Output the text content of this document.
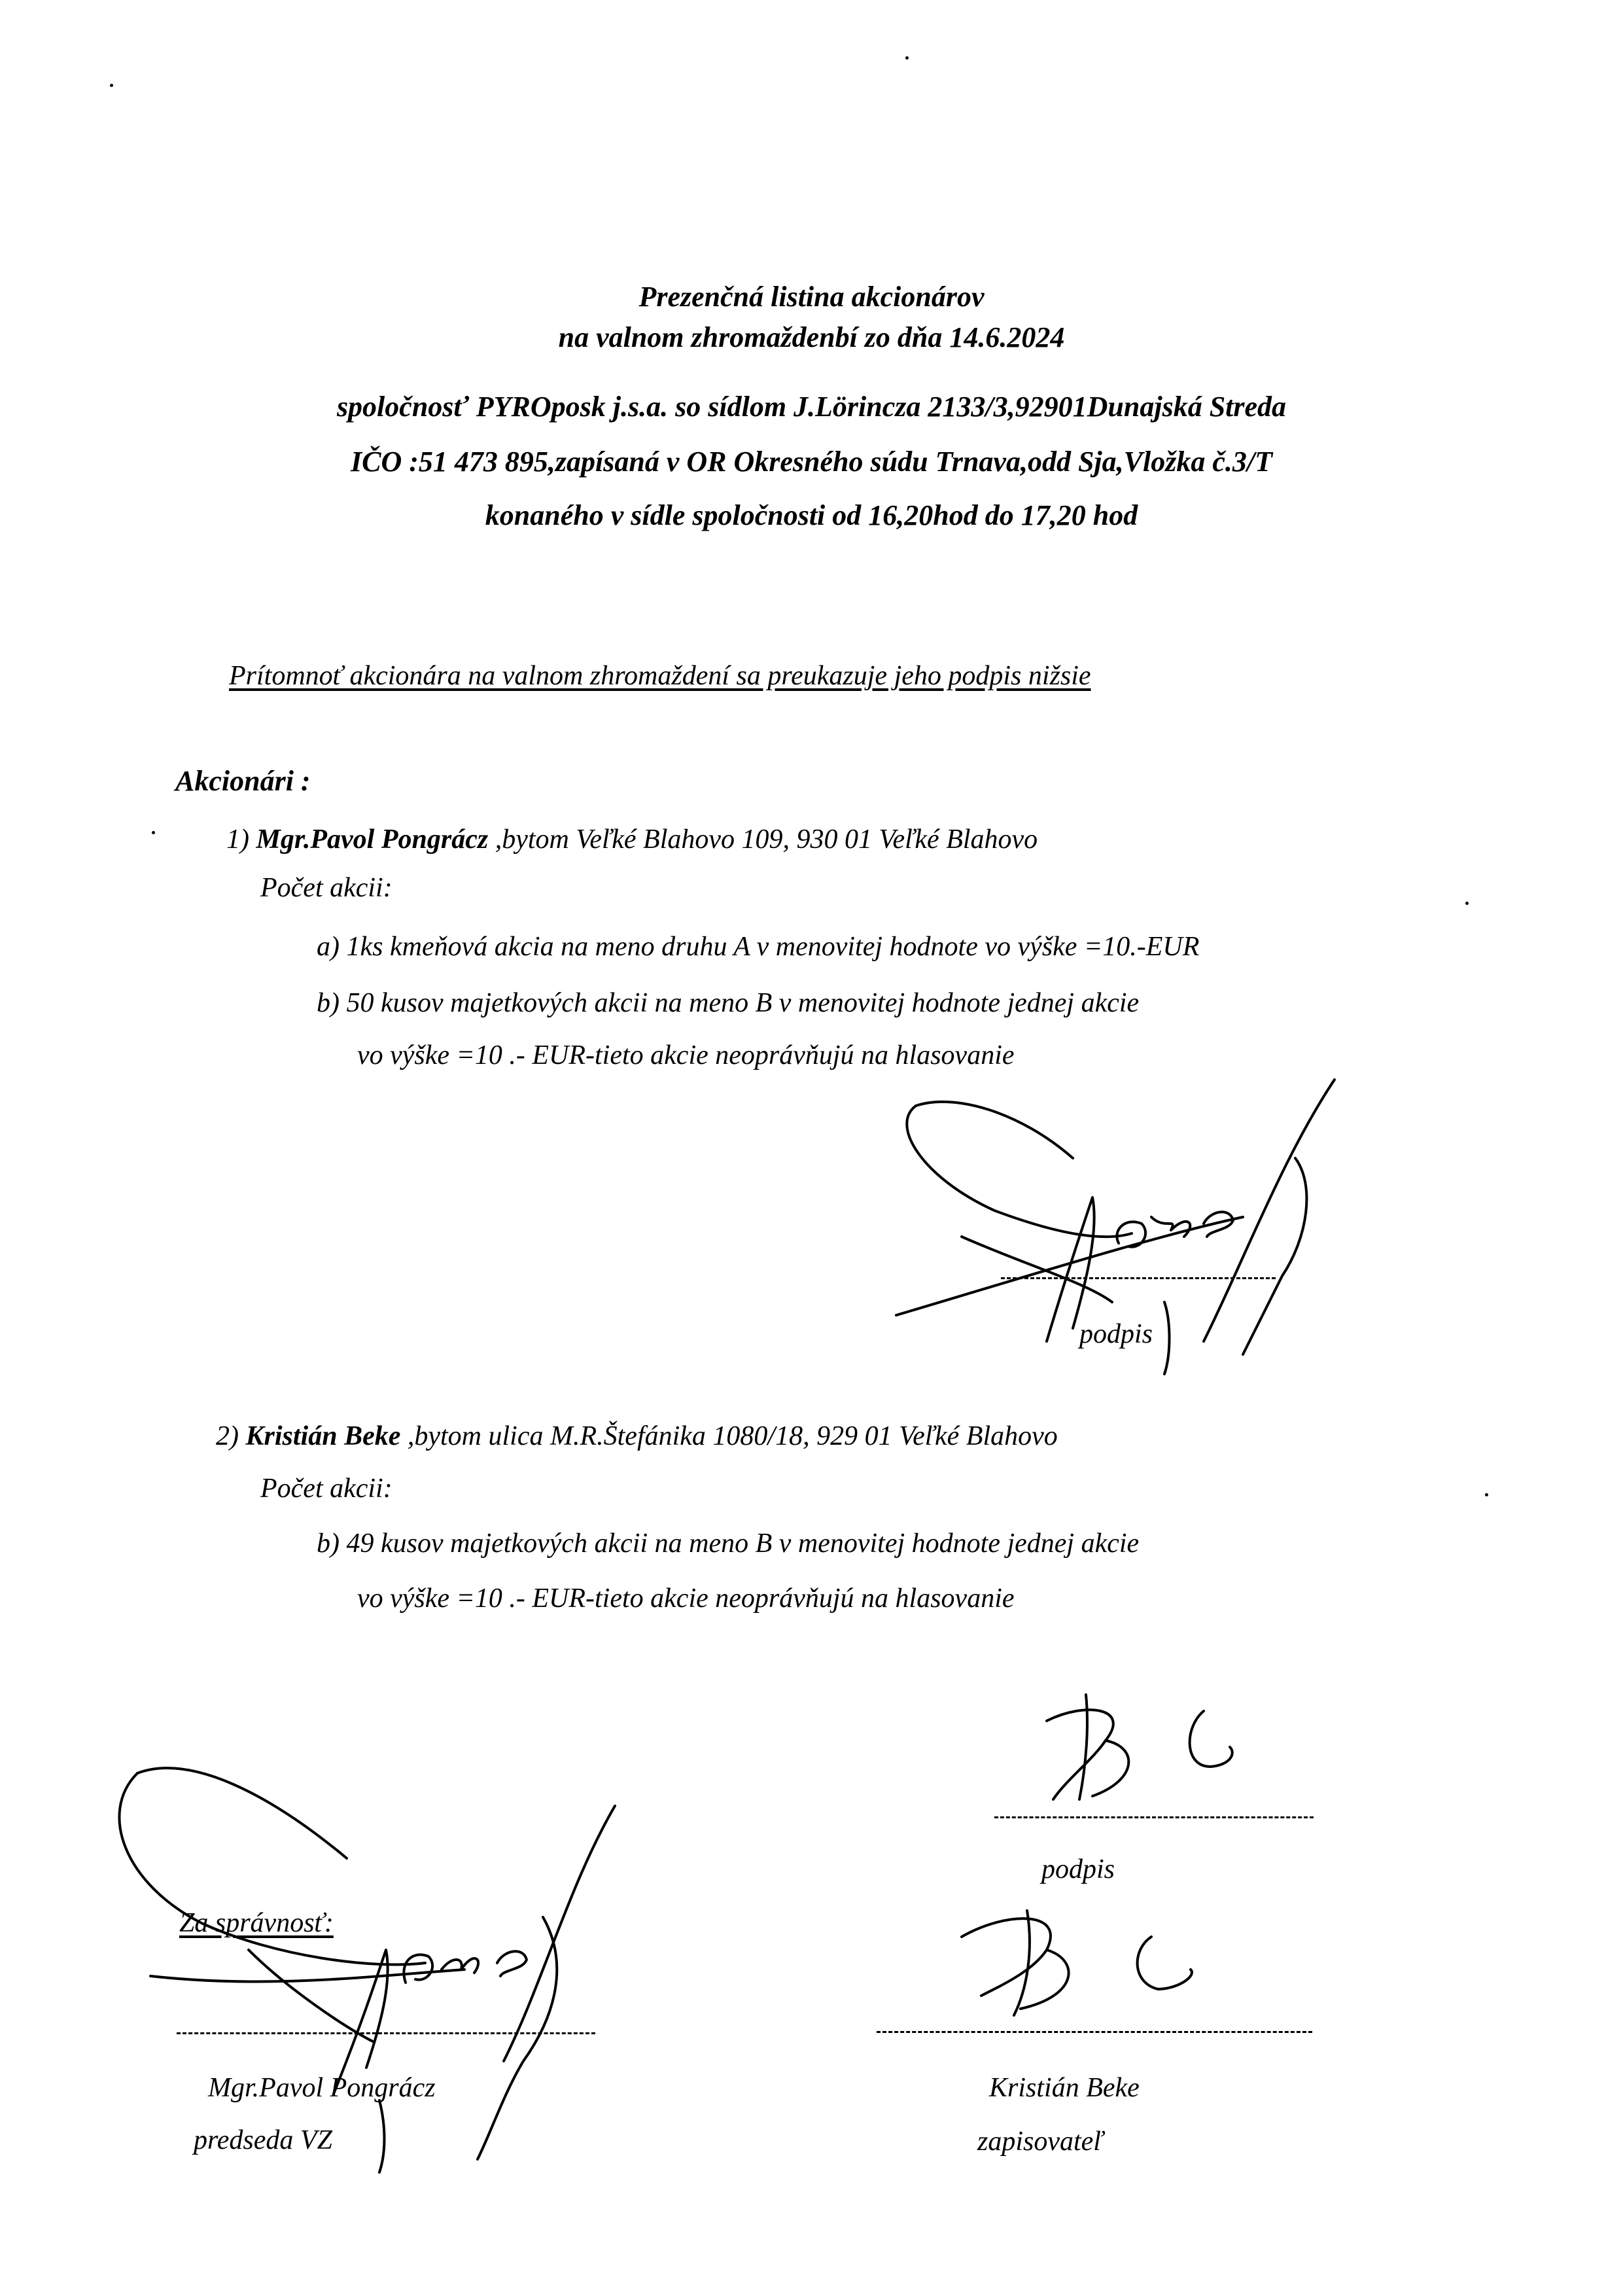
Prezenčná listina akcionárov
na valnom zhromaždenbí zo dňa 14.6.2024
spoločnosť PYROposk j.s.a. so sídlom J.Lörincza 2133/3,92901Dunajská Streda
IČO :51 473 895,zapísaná v OR Okresného súdu Trnava,odd Sja,Vložka č.3/T
konaného v sídle spoločnosti od 16,20hod do 17,20 hod
Prítomnoť akcionára na valnom zhromaždení sa preukazuje jeho podpis nižsie
Akcionári :
1) Mgr.Pavol Pongrácz ,bytom Veľké Blahovo 109, 930 01 Veľké Blahovo
Počet akcii:
a) 1ks kmeňová akcia na meno druhu A v menovitej hodnote vo výške =10.-EUR
b) 50 kusov majetkových akcii na meno B v menovitej hodnote jednej akcie
vo výške =10 .- EUR-tieto akcie neoprávňujú na hlasovanie
podpis
2) Kristián Beke ,bytom ulica M.R.Štefánika 1080/18, 929 01 Veľké Blahovo
Počet akcii:
b) 49 kusov majetkových akcii na meno B v menovitej hodnote jednej akcie
vo výške =10 .- EUR-tieto akcie neoprávňujú na hlasovanie
podpis
Za správnosť:
Mgr.Pavol Pongrácz
predseda VZ
Kristián Beke
zapisovateľ
